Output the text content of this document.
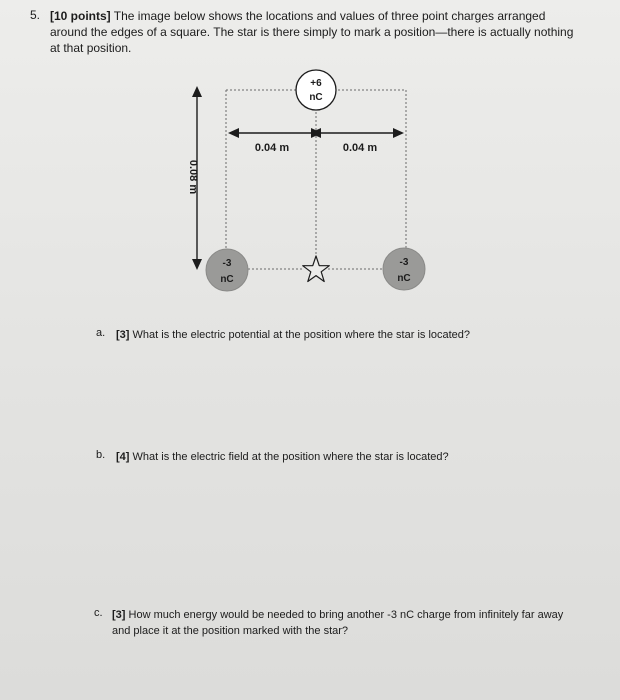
5. [10 points] The image below shows the locations and values of three point charges arranged around the edges of a square. The star is there simply to mark a position—there is actually nothing at that position.
0.08 m
0.04 m	0.04 m
+6
nC
-3
nC
-3
nC
a. [3] What is the electric potential at the position where the star is located?
b. [4] What is the electric field at the position where the star is located?
c. [3] How much energy would be needed to bring another -3 nC charge from infinitely far away and place it at the position marked with the star?
